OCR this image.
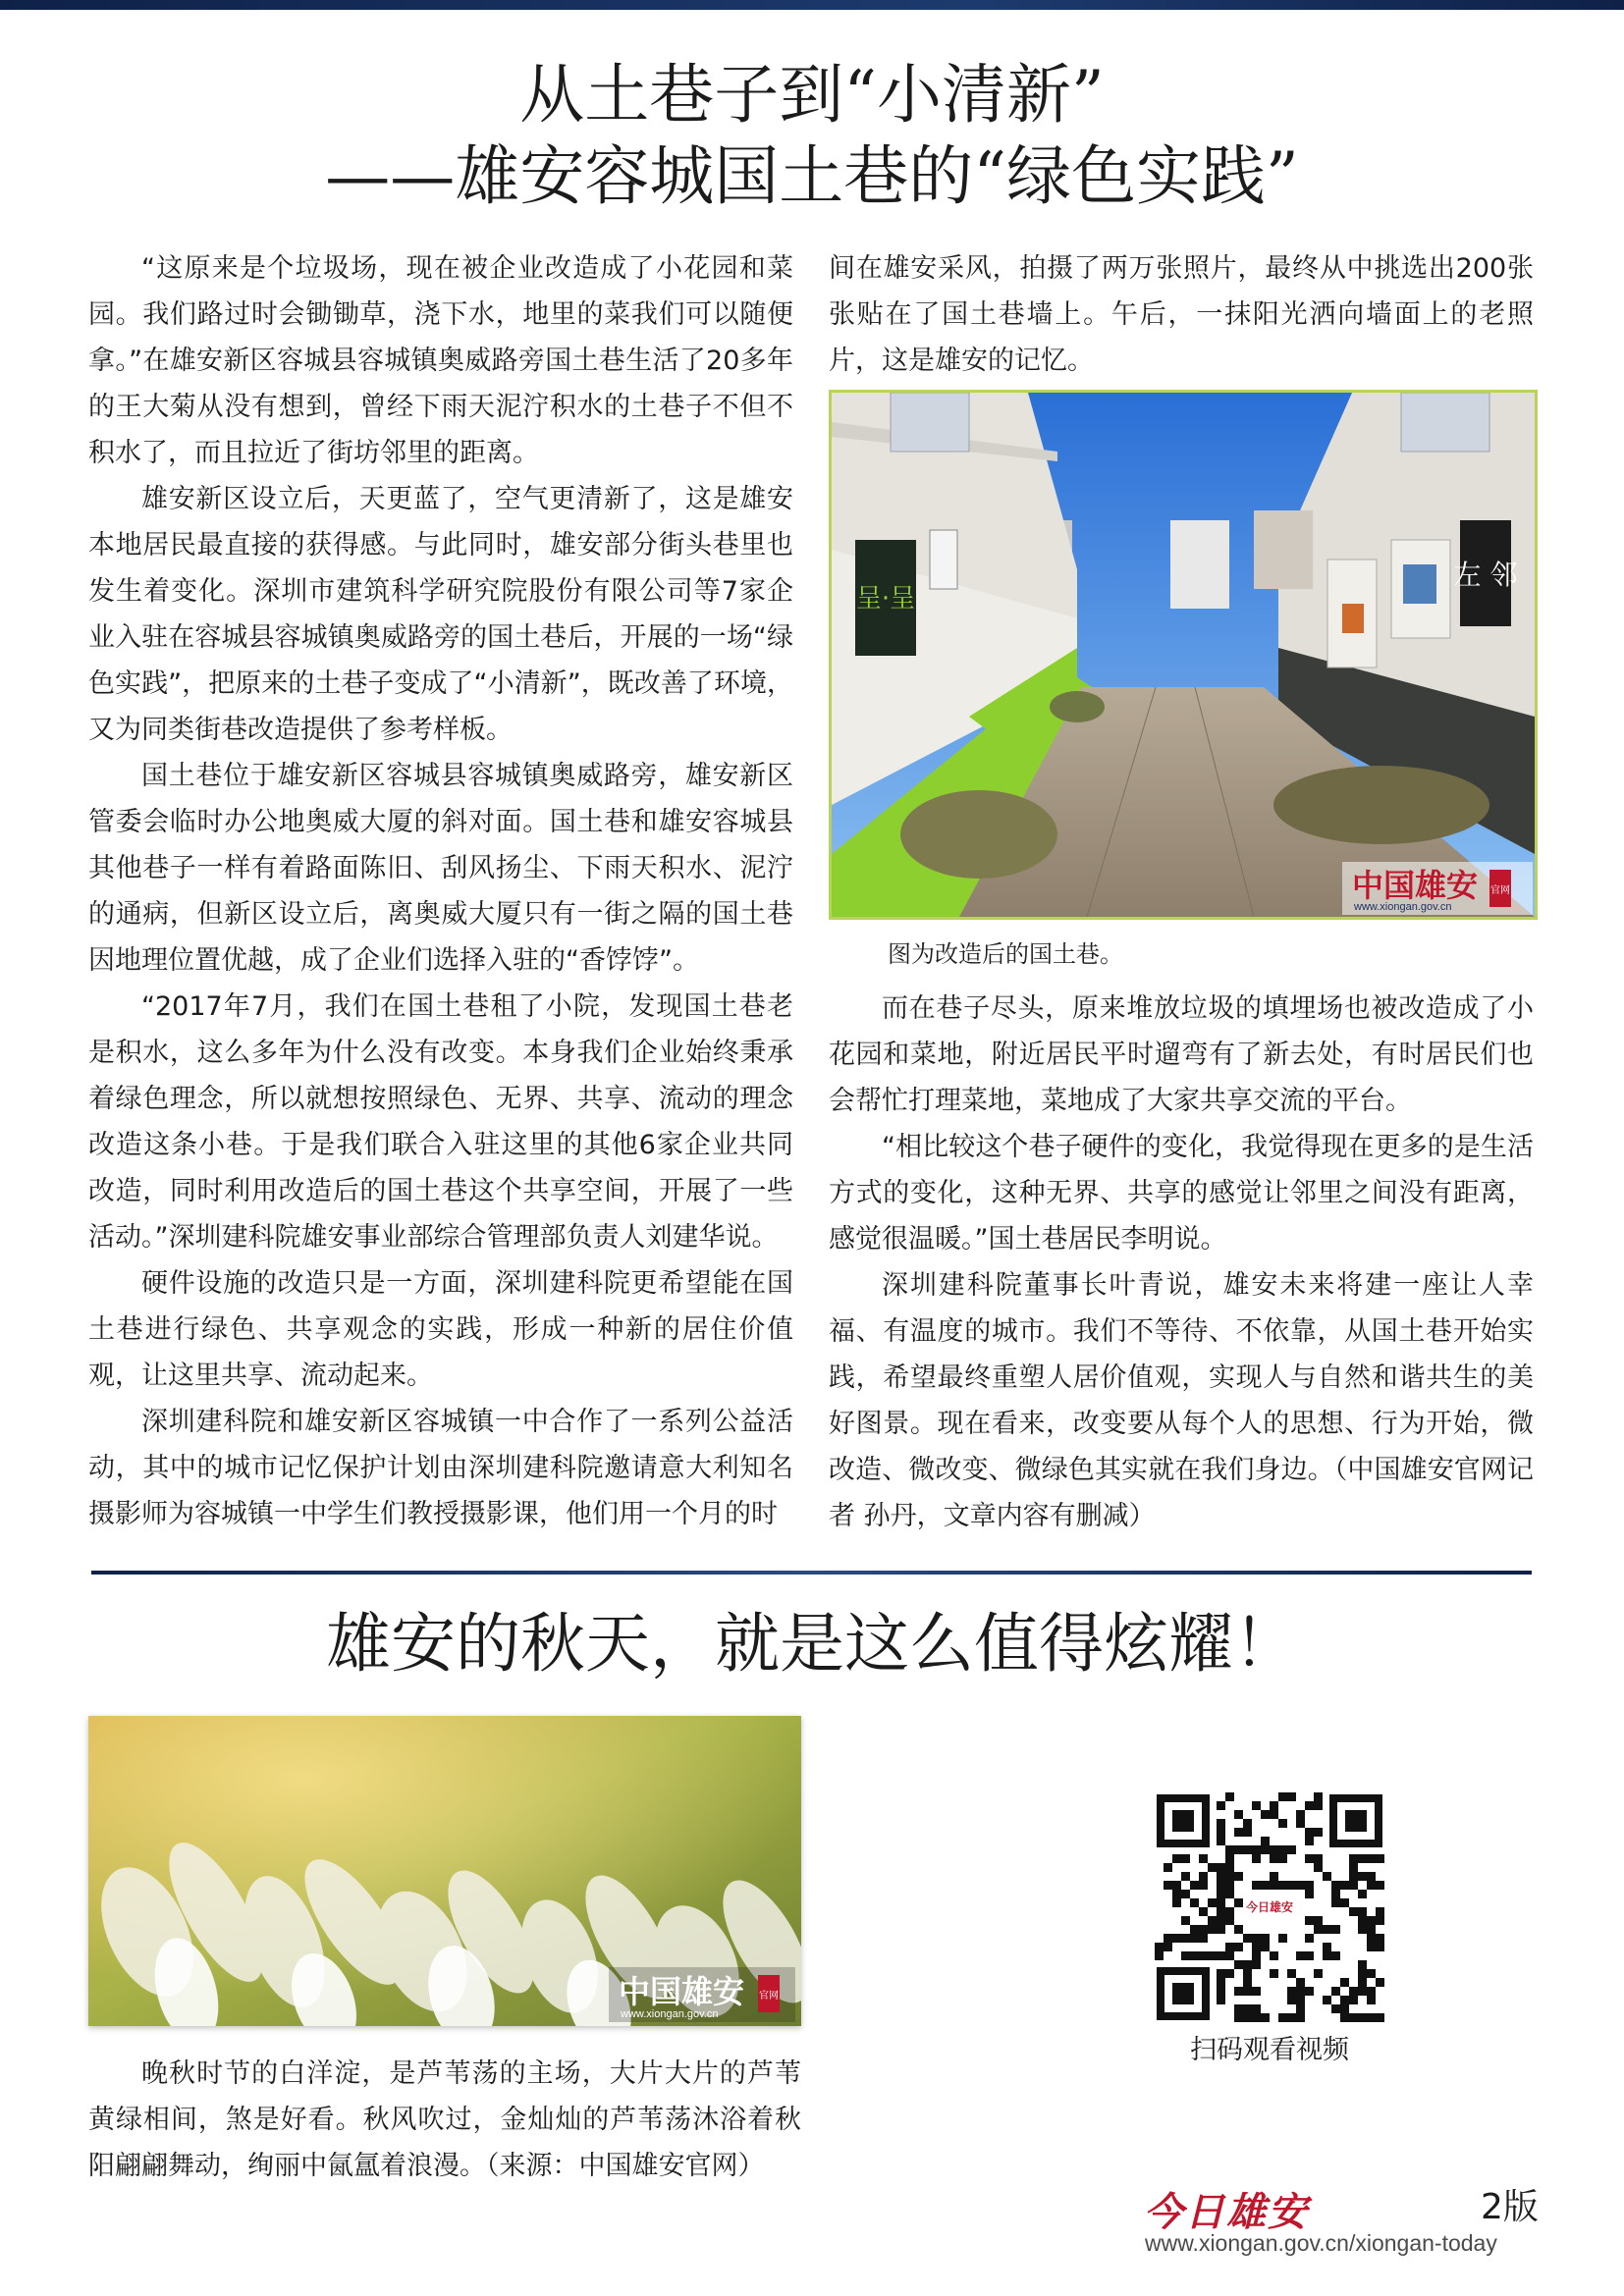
从土巷子到“小清新”
——雄安容城国土巷的“绿色实践”

“这原来是个垃圾场，现在被企业改造成了小花园和菜园。我们路过时会锄锄草，浇下水，地里的菜我们可以随便拿。”在雄安新区容城县容城镇奥威路旁国土巷生活了20多年的王大菊从没有想到，曾经下雨天泥泞积水的土巷子不但不积水了，而且拉近了街坊邻里的距离。

雄安新区设立后，天更蓝了，空气更清新了，这是雄安本地居民最直接的获得感。与此同时，雄安部分街头巷里也发生着变化。深圳市建筑科学研究院股份有限公司等7家企业入驻在容城县容城镇奥威路旁的国土巷后，开展的一场“绿色实践”，把原来的土巷子变成了“小清新”，既改善了环境，又为同类街巷改造提供了参考样板。

国土巷位于雄安新区容城县容城镇奥威路旁，雄安新区管委会临时办公地奥威大厦的斜对面。国土巷和雄安容城县其他巷子一样有着路面陈旧、刮风扬尘、下雨天积水、泥泞的通病，但新区设立后，离奥威大厦只有一街之隔的国土巷因地理位置优越，成了企业们选择入驻的“香饽饽”。

“2017年7月，我们在国土巷租了小院，发现国土巷老是积水，这么多年为什么没有改变。本身我们企业始终秉承着绿色理念，所以就想按照绿色、无界、共享、流动的理念改造这条小巷。于是我们联合入驻这里的其他6家企业共同改造，同时利用改造后的国土巷这个共享空间，开展了一些活动。”深圳建科院雄安事业部综合管理部负责人刘建华说。

硬件设施的改造只是一方面，深圳建科院更希望能在国土巷进行绿色、共享观念的实践，形成一种新的居住价值观，让这里共享、流动起来。

深圳建科院和雄安新区容城镇一中合作了一系列公益活动，其中的城市记忆保护计划由深圳建科院邀请意大利知名摄影师为容城镇一中学生们教授摄影课，他们用一个月的时

间在雄安采风，拍摄了两万张照片，最终从中挑选出200张张贴在了国土巷墙上。午后，一抹阳光洒向墙面上的老照片，这是雄安的记忆。

呈·呈
左 邻
中国雄安
www.xiongan.gov.cn
官网
图为改造后的国土巷。

而在巷子尽头，原来堆放垃圾的填埋场也被改造成了小花园和菜地，附近居民平时遛弯有了新去处，有时居民们也会帮忙打理菜地，菜地成了大家共享交流的平台。

“相比较这个巷子硬件的变化，我觉得现在更多的是生活方式的变化，这种无界、共享的感觉让邻里之间没有距离，感觉很温暖。”国土巷居民李明说。

深圳建科院董事长叶青说，雄安未来将建一座让人幸福、有温度的城市。我们不等待、不依靠，从国土巷开始实践，希望最终重塑人居价值观，实现人与自然和谐共生的美好图景。现在看来，改变要从每个人的思想、行为开始，微改造、微改变、微绿色其实就在我们身边。（中国雄安官网记者 孙丹，文章内容有删减）

雄安的秋天，就是这么值得炫耀！
中国雄安
www.xiongan.gov.cn
官网

晚秋时节的白洋淀，是芦苇荡的主场，大片大片的芦苇黄绿相间，煞是好看。秋风吹过，金灿灿的芦苇荡沐浴着秋阳翩翩舞动，绚丽中氤氲着浪漫。（来源：中国雄安官网）

今日雄安
扫码观看视频
今日雄安	2版
www.xiongan.gov.cn/xiongan-today
